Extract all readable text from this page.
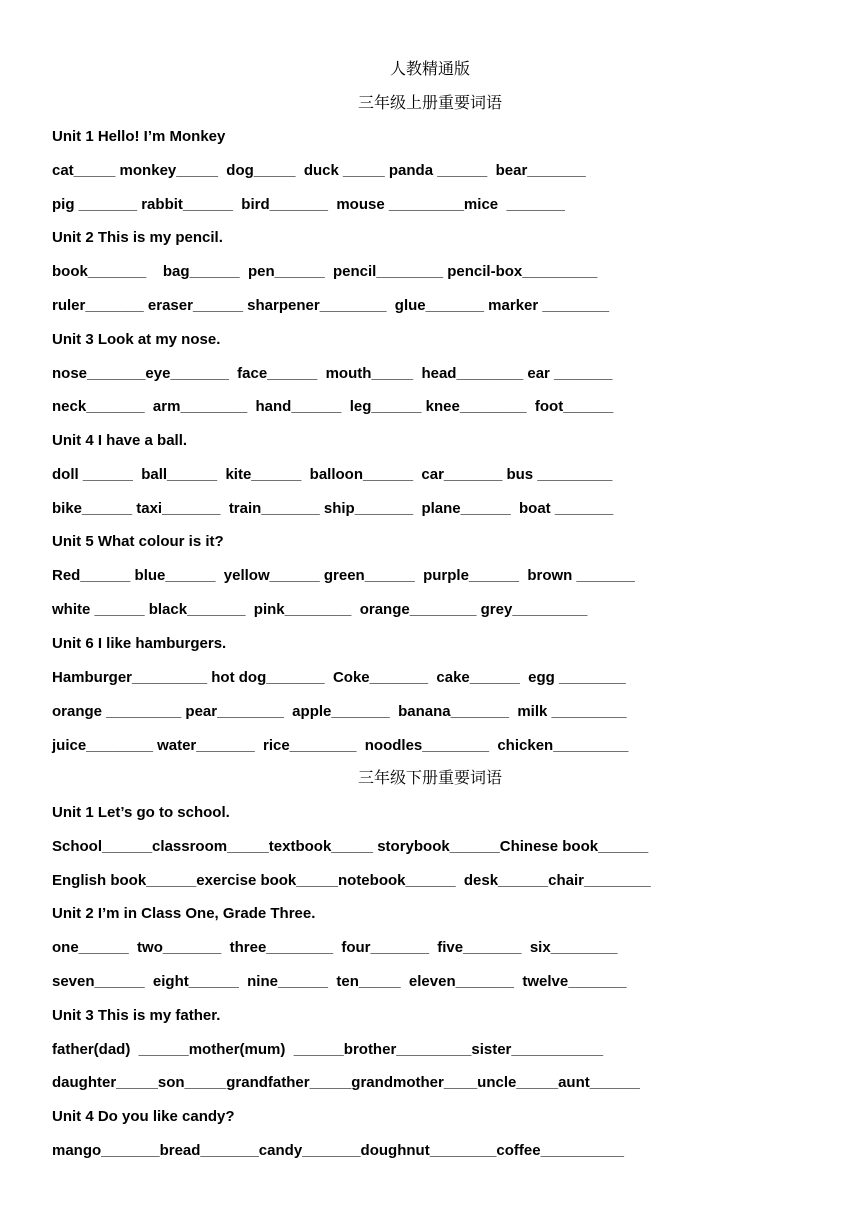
人教精通版
三年级上册重要词语
Unit 1 Hello! I’m Monkey
cat_____ monkey_____  dog_____  duck _____ panda ______  bear_______
pig _______ rabbit______  bird_______  mouse _________mice  _______
Unit 2 This is my pencil.
book_______    bag______  pen______  pencil________ pencil-box_________
ruler_______ eraser______ sharpener________  glue_______ marker ________
Unit 3 Look at my nose.
nose_______eye_______  face______  mouth_____  head________ ear _______
neck_______  arm________  hand______  leg______ knee________  foot______
Unit 4 I have a ball.
doll ______  ball______  kite______  balloon______  car_______ bus _________
bike______ taxi_______  train_______ ship_______  plane______  boat _______
Unit 5 What colour is it?
Red______ blue______  yellow______ green______  purple______  brown _______
white ______ black_______  pink________  orange________ grey_________
Unit 6 I like hamburgers.
Hamburger_________ hot dog_______  Coke_______  cake______  egg ________
orange _________ pear________  apple_______  banana_______  milk _________
juice________ water_______  rice________  noodles________  chicken_________
三年级下册重要词语
Unit 1 Let’s go to school.
School______classroom_____textbook_____ storybook______Chinese book______
English book______exercise book_____notebook______  desk______chair________
Unit 2 I’m in Class One, Grade Three.
one______  two_______  three________  four_______  five_______  six________
seven______  eight______  nine______  ten_____  eleven_______  twelve_______
Unit 3 This is my father.
father(dad)  ______mother(mum)  ______brother_________sister___________
daughter_____son_____grandfather_____grandmother____uncle_____aunt______
Unit 4 Do you like candy?
mango_______bread_______candy_______doughnut________coffee__________
